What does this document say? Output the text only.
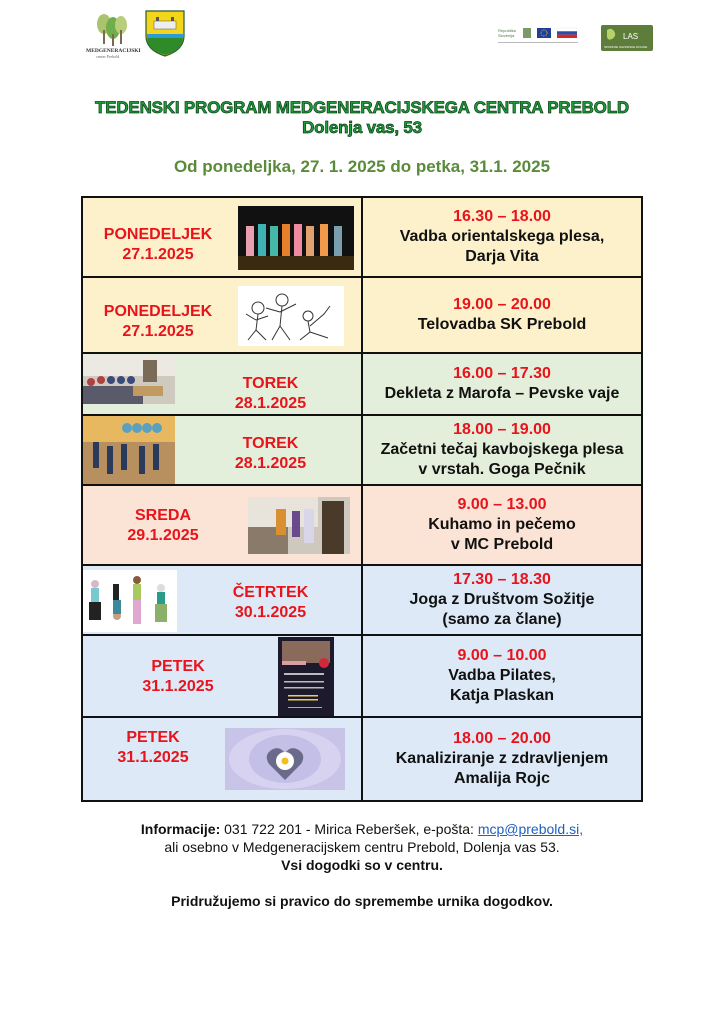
MEDGENERACIJSKI
center Prebold
Republika
Slovenija	LAS
SPODNJE SAVINJSKE DOLINE
TEDENSKI PROGRAM MEDGENERACIJSKEGA CENTRA PREBOLD
Dolenja vas, 53
Od ponedeljka, 27. 1. 2025 do petka, 31.1. 2025
PONEDELJEK
27.1.2025

16.30 – 18.00
Vadba orientalskega plesa,
Darja Vita

PONEDELJEK
27.1.2025

19.00 – 20.00
Telovadba SK Prebold

TOREK
28.1.2025

16.00 – 17.30
Dekleta z Marofa – Pevske vaje

TOREK
28.1.2025

18.00 – 19.00
Začetni tečaj kavbojskega plesa
v vrstah. Goga Pečnik

SREDA
29.1.2025

9.00 – 13.00
Kuhamo in pečemo
v MC Prebold

ČETRTEK
30.1.2025

17.30 – 18.30
Joga z Društvom Sožitje
(samo za člane)

PETEK
31.1.2025

9.00 – 10.00
Vadba Pilates,
Katja Plaskan

PETEK
31.1.2025

18.00 – 20.00
Kanaliziranje z zdravljenjem
Amalija Rojc
Informacije: 031 722 201 - Mirica Reberšek, e-pošta: mcp@prebold.si,
ali osebno v Medgeneracijskem centru Prebold, Dolenja vas 53.
Vsi dogodki so v centru.
Pridružujemo si pravico do spremembe urnika dogodkov.
